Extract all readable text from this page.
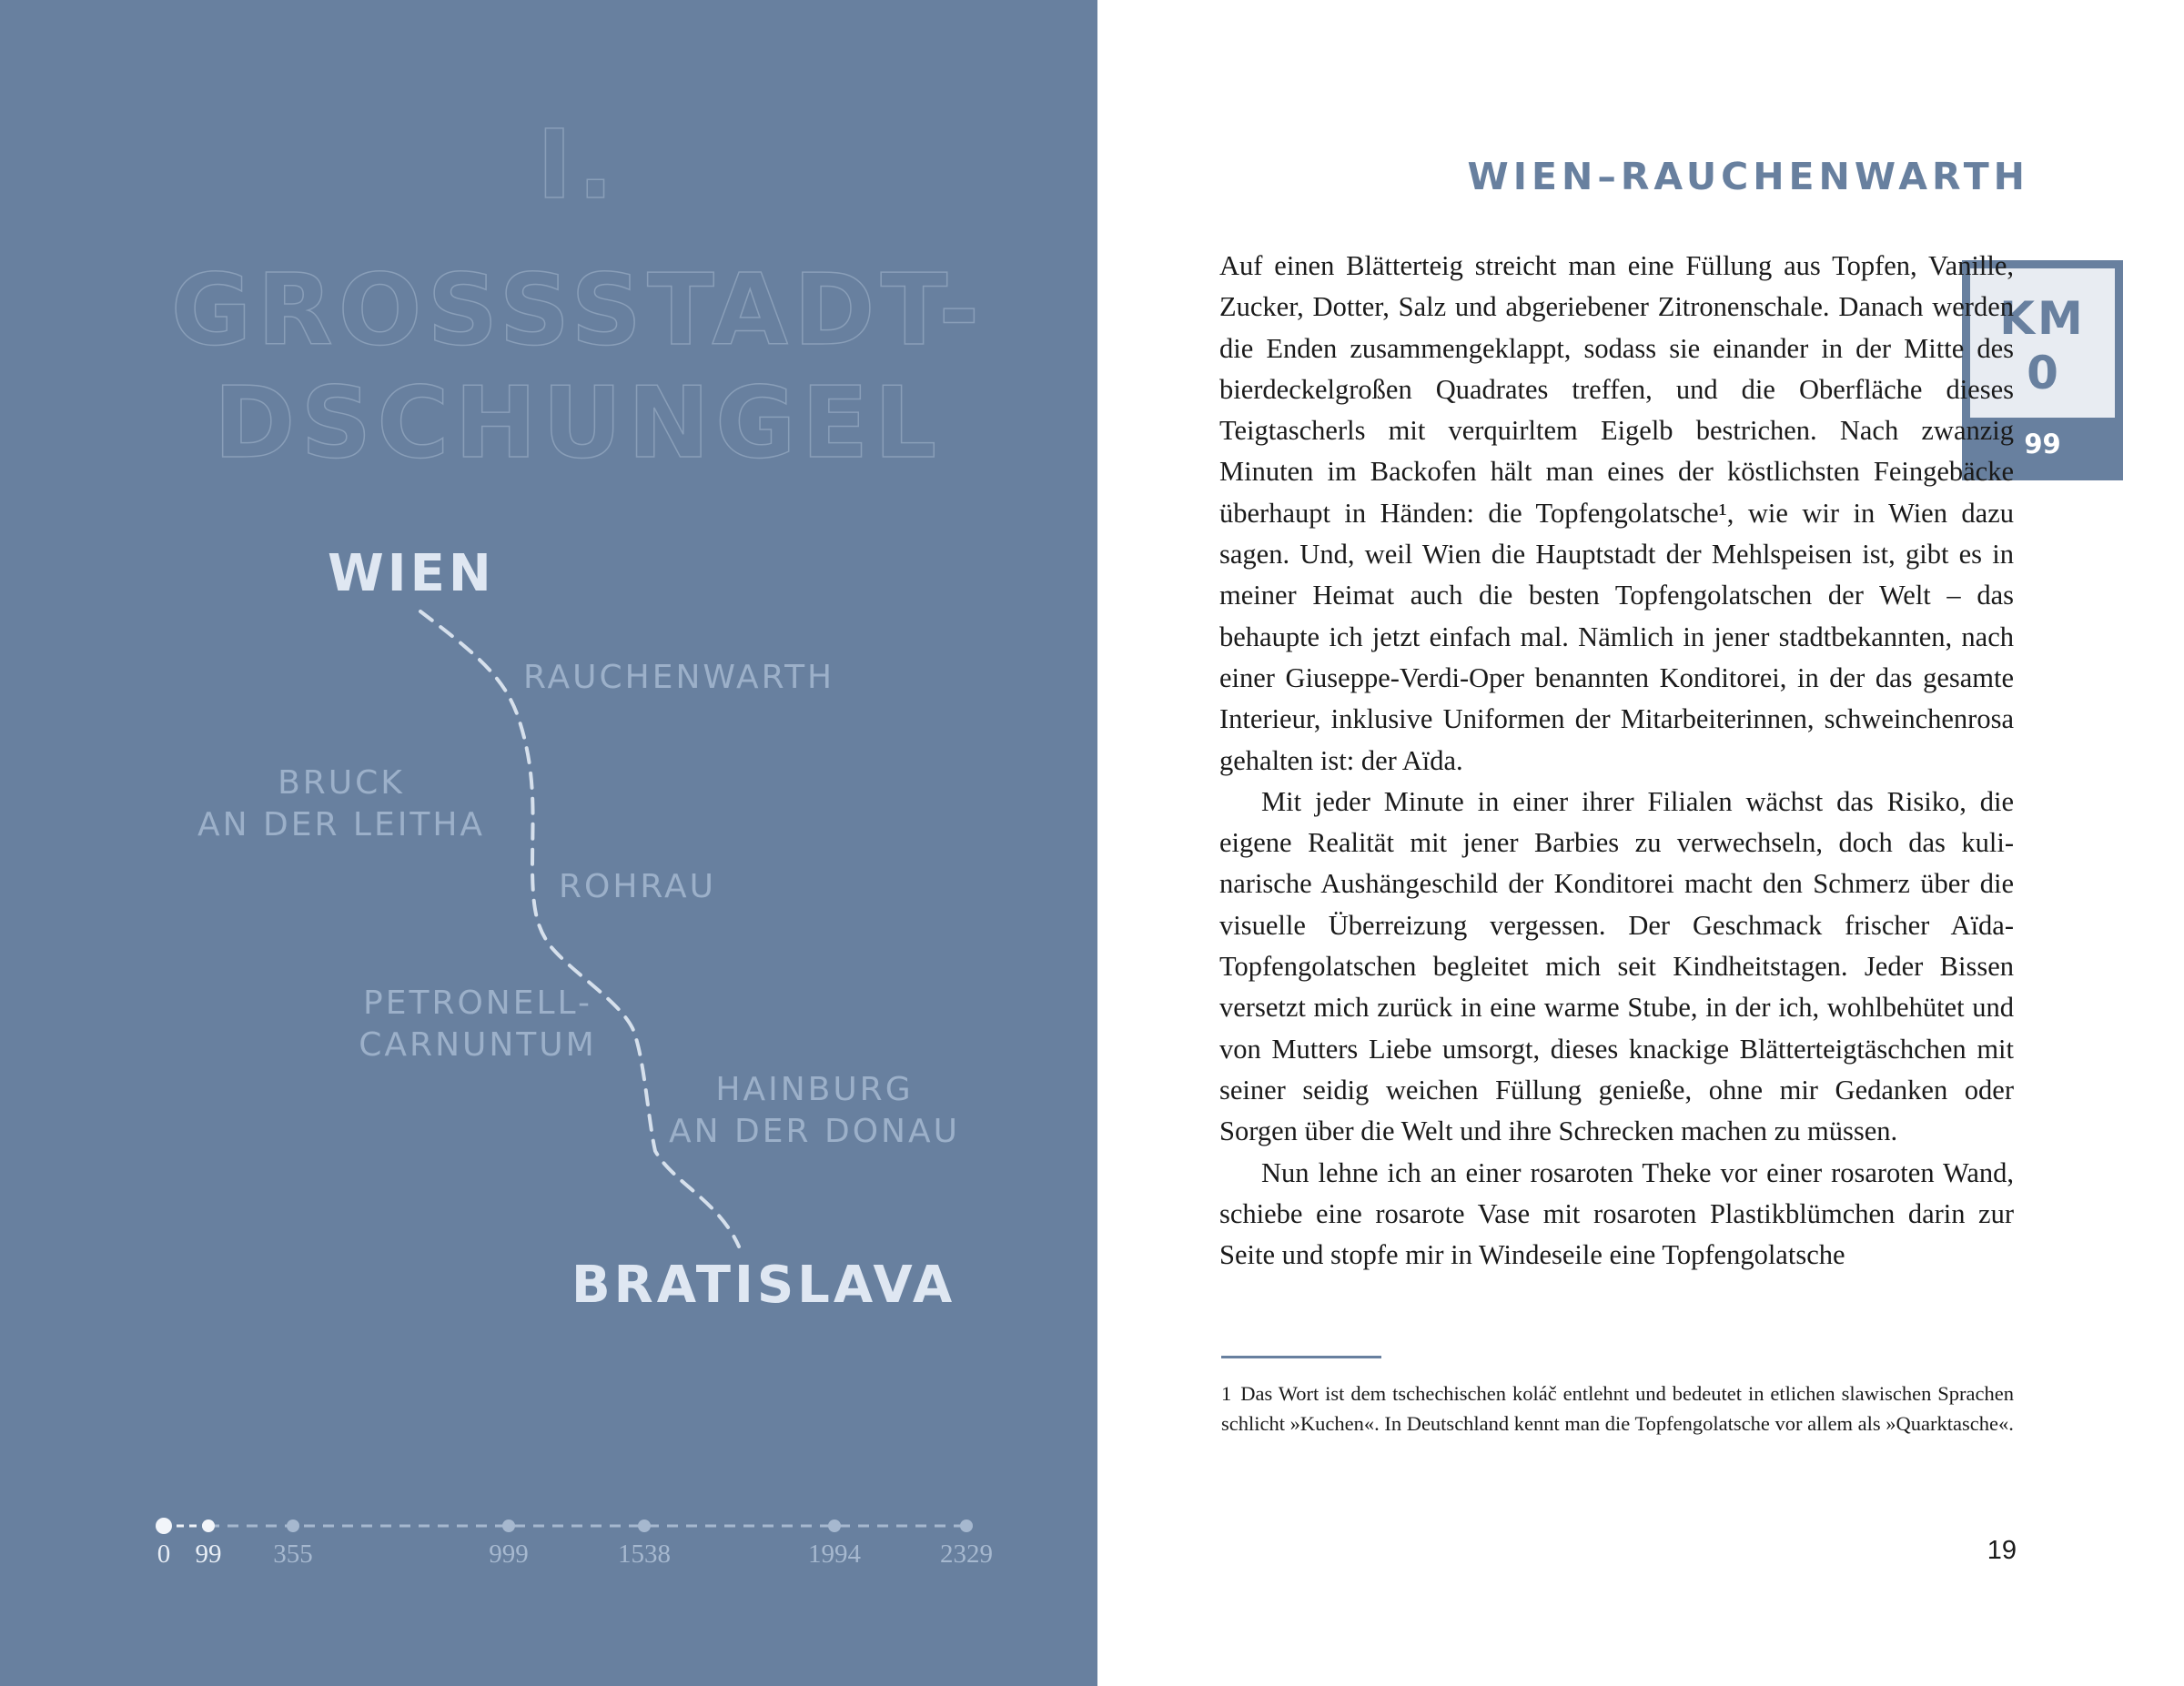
I.
GROSSSTADT-
DSCHUNGEL
WIEN
RAUCHENWARTH
BRUCK
AN DER LEITHA
ROHRAU
PETRONELL-
CARNUNTUM
HAINBURG
AN DER DONAU
BRATISLAVA
0 99 355	999	1538	1994	2329
WIEN–RAUCHENWARTH
KM
0
99

Auf einen Blätterteig streicht man eine Füllung aus Topfen, Vanille, Zucker, Dotter, Salz und abgeriebener Zitronenschale. Danach werden die Enden zusammengeklappt, sodass sie einander in der Mitte des bierdeckelgroßen Quadrates treffen, und die Oberfläche dieses Teigtascherls mit verquirltem Eigelb bestrichen. Nach zwanzig Minuten im Backofen hält man eines der köstlichsten Feingebäcke überhaupt in Händen: die Topfengolatsche¹, wie wir in Wien dazu sagen. Und, weil Wien die Hauptstadt der Mehlspeisen ist, gibt es in meiner Heimat auch die besten Topfengolatschen der Welt – das behaupte ich jetzt einfach mal. Nämlich in jener stadtbekannten, nach einer Giuseppe-Verdi-Oper benannten Konditorei, in der das gesamte Interieur, inklusive Uniformen der Mitarbeiterinnen, schweinchenrosa gehalten ist: der Aïda.

Mit jeder Minute in einer ihrer Filialen wächst das Risiko, die eigene Realität mit jener Barbies zu verwechseln, doch das kulinarische Aushängeschild der Konditorei macht den Schmerz über die visuelle Überreizung vergessen. Der Geschmack frischer Aïda-Topfengolatschen begleitet mich seit Kindheitstagen. Jeder Bissen versetzt mich zurück in eine warme Stube, in der ich, wohlbehütet und von Mutters Liebe umsorgt, dieses knackige Blätterteigtäschchen mit seiner seidig weichen Füllung genieße, ohne mir Gedanken oder Sorgen über die Welt und ihre Schrecken machen zu müssen.

Nun lehne ich an einer rosaroten Theke vor einer rosaroten Wand, schiebe eine rosarote Vase mit rosaroten Plastikblümchen darin zur Seite und stopfe mir in Windeseile eine Topfengolatsche

1 Das Wort ist dem tschechischen koláč entlehnt und bedeutet in etlichen slawischen Sprachen schlicht »Kuchen«. In Deutschland kennt man die Topfengolatsche vor allem als »Quarktasche«.

19
